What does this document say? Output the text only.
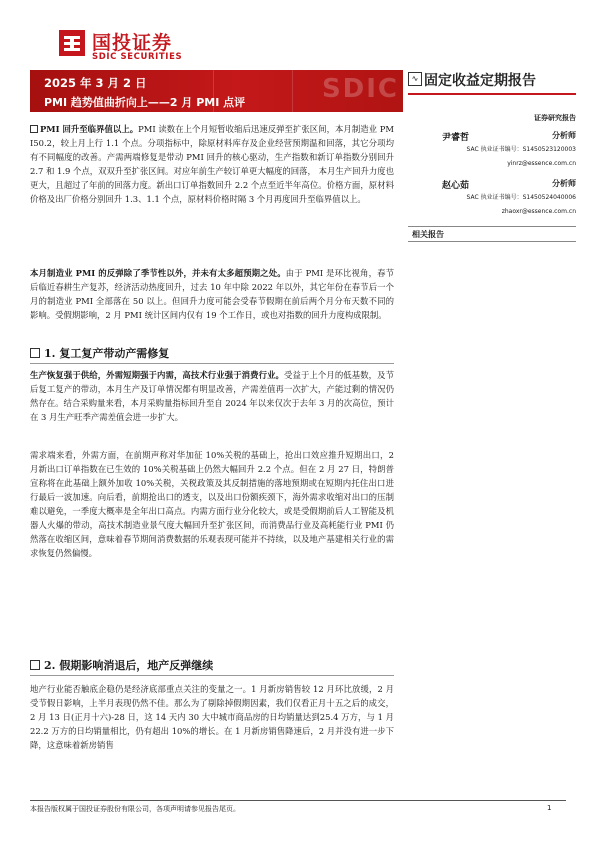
国投证券
SDIC SECURITIES
SDIC
2025 年 3 月 2 日
PMI 趋势值曲折向上——2 月 PMI 点评
∿ 固定收益定期报告
证券研究报告
尹睿哲	分析师
SAC 执业证书编号：S1450523120003
yinrz@essence.com.cn
赵心茹	分析师
SAC 执业证书编号：S1450524040006
zhaoxr@essence.com.cn
相关报告
PMI 回升至临界值以上。PMI 读数在上个月短暂收缩后迅速反弹至扩张区间，本月制造业 PMI50.2，较上月上行 1.1 个点。分项指标中，除原材料库存及企业经营预期温和回落，其它分项均有不同幅度的改善。产需两端修复是带动 PMI 回升的核心驱动，生产指数和新订单指数分别回升 2.7 和 1.9 个点，双双升至扩张区间。对应年前生产较订单更大幅度的回落， 本月生产回升力度也更大，且超过了年前的回落力度。新出口订单指数回升 2.2 个点至近半年高位。价格方面，原材料价格及出厂价格分别回升 1.3、1.1 个点，原材料价格时隔 3 个月再度回升至临界值以上。
本月制造业 PMI 的反弹除了季节性以外，并未有太多超预期之处。由于 PMI 是环比视角，春节后临近春耕生产复苏，经济活动热度回升，过去 10 年中除 2022 年以外，其它年份在春节后一个月的制造业 PMI 全部落在 50 以上。但回升力度可能会受春节假期在前后两个月分布天数不同的影响。受假期影响，2 月 PMI 统计区间内仅有 19 个工作日，或也对指数的回升力度构成限制。
1. 复工复产带动产需修复
生产恢复强于供给，外需短期强于内需，高技术行业强于消费行业。受益于上个月的低基数，及节后复工复产的带动，本月生产及订单情况都有明显改善，产需差值再一次扩大，产能过剩的情况仍然存在。结合采购量来看，本月采购量指标回升至自 2024 年以来仅次于去年 3 月的次高位，预计在 3 月生产旺季产需差值会进一步扩大。
需求端来看，外需方面，在前期声称对华加征 10%关税的基础上，抢出口效应推升短期出口，2 月新出口订单指数在已生效的 10%关税基础上仍然大幅回升 2.2 个点。但在 2 月 27 日，特朗普宣称将在此基础上额外加收 10%关税，关税政策及其反制措施的落地预期或在短期内托住出口进行最后一波加速。向后看，前期抢出口的透支，以及出口份额疾颈下，海外需求收缩对出口的压制难以避免，一季度大概率是全年出口高点。内需方面行业分化较大，或是受假期前后人工智能及机器人火爆的带动，高技术制造业景气度大幅回升至扩张区间，而消费品行业及高耗能行业 PMI 仍然落在收缩区间，意味着春节期间消费数据的乐观表现可能并不持续，以及地产基建相关行业的需求恢复仍然偏慢。
2. 假期影响消退后，地产反弹继续
地产行业能否触底企稳仍是经济底部重点关注的变量之一。1 月新房销售较 12 月环比放缓，2 月受节假日影响，上半月表现仍然不佳。那么为了剔除掉假期因素，我们仅看正月十五之后的成交，2 月 13 日(正月十六)-28 日，这 14 天内 30 大中城市商品房的日均销量达到25.4 万方，与 1 月 22.2 万方的日均销量相比，仍有超出 10%的增长。在 1 月新房销售降速后，2 月并没有进一步下降，这意味着新房销售
本报告版权属于国投证券股份有限公司，各项声明请参见报告尾页。	1
